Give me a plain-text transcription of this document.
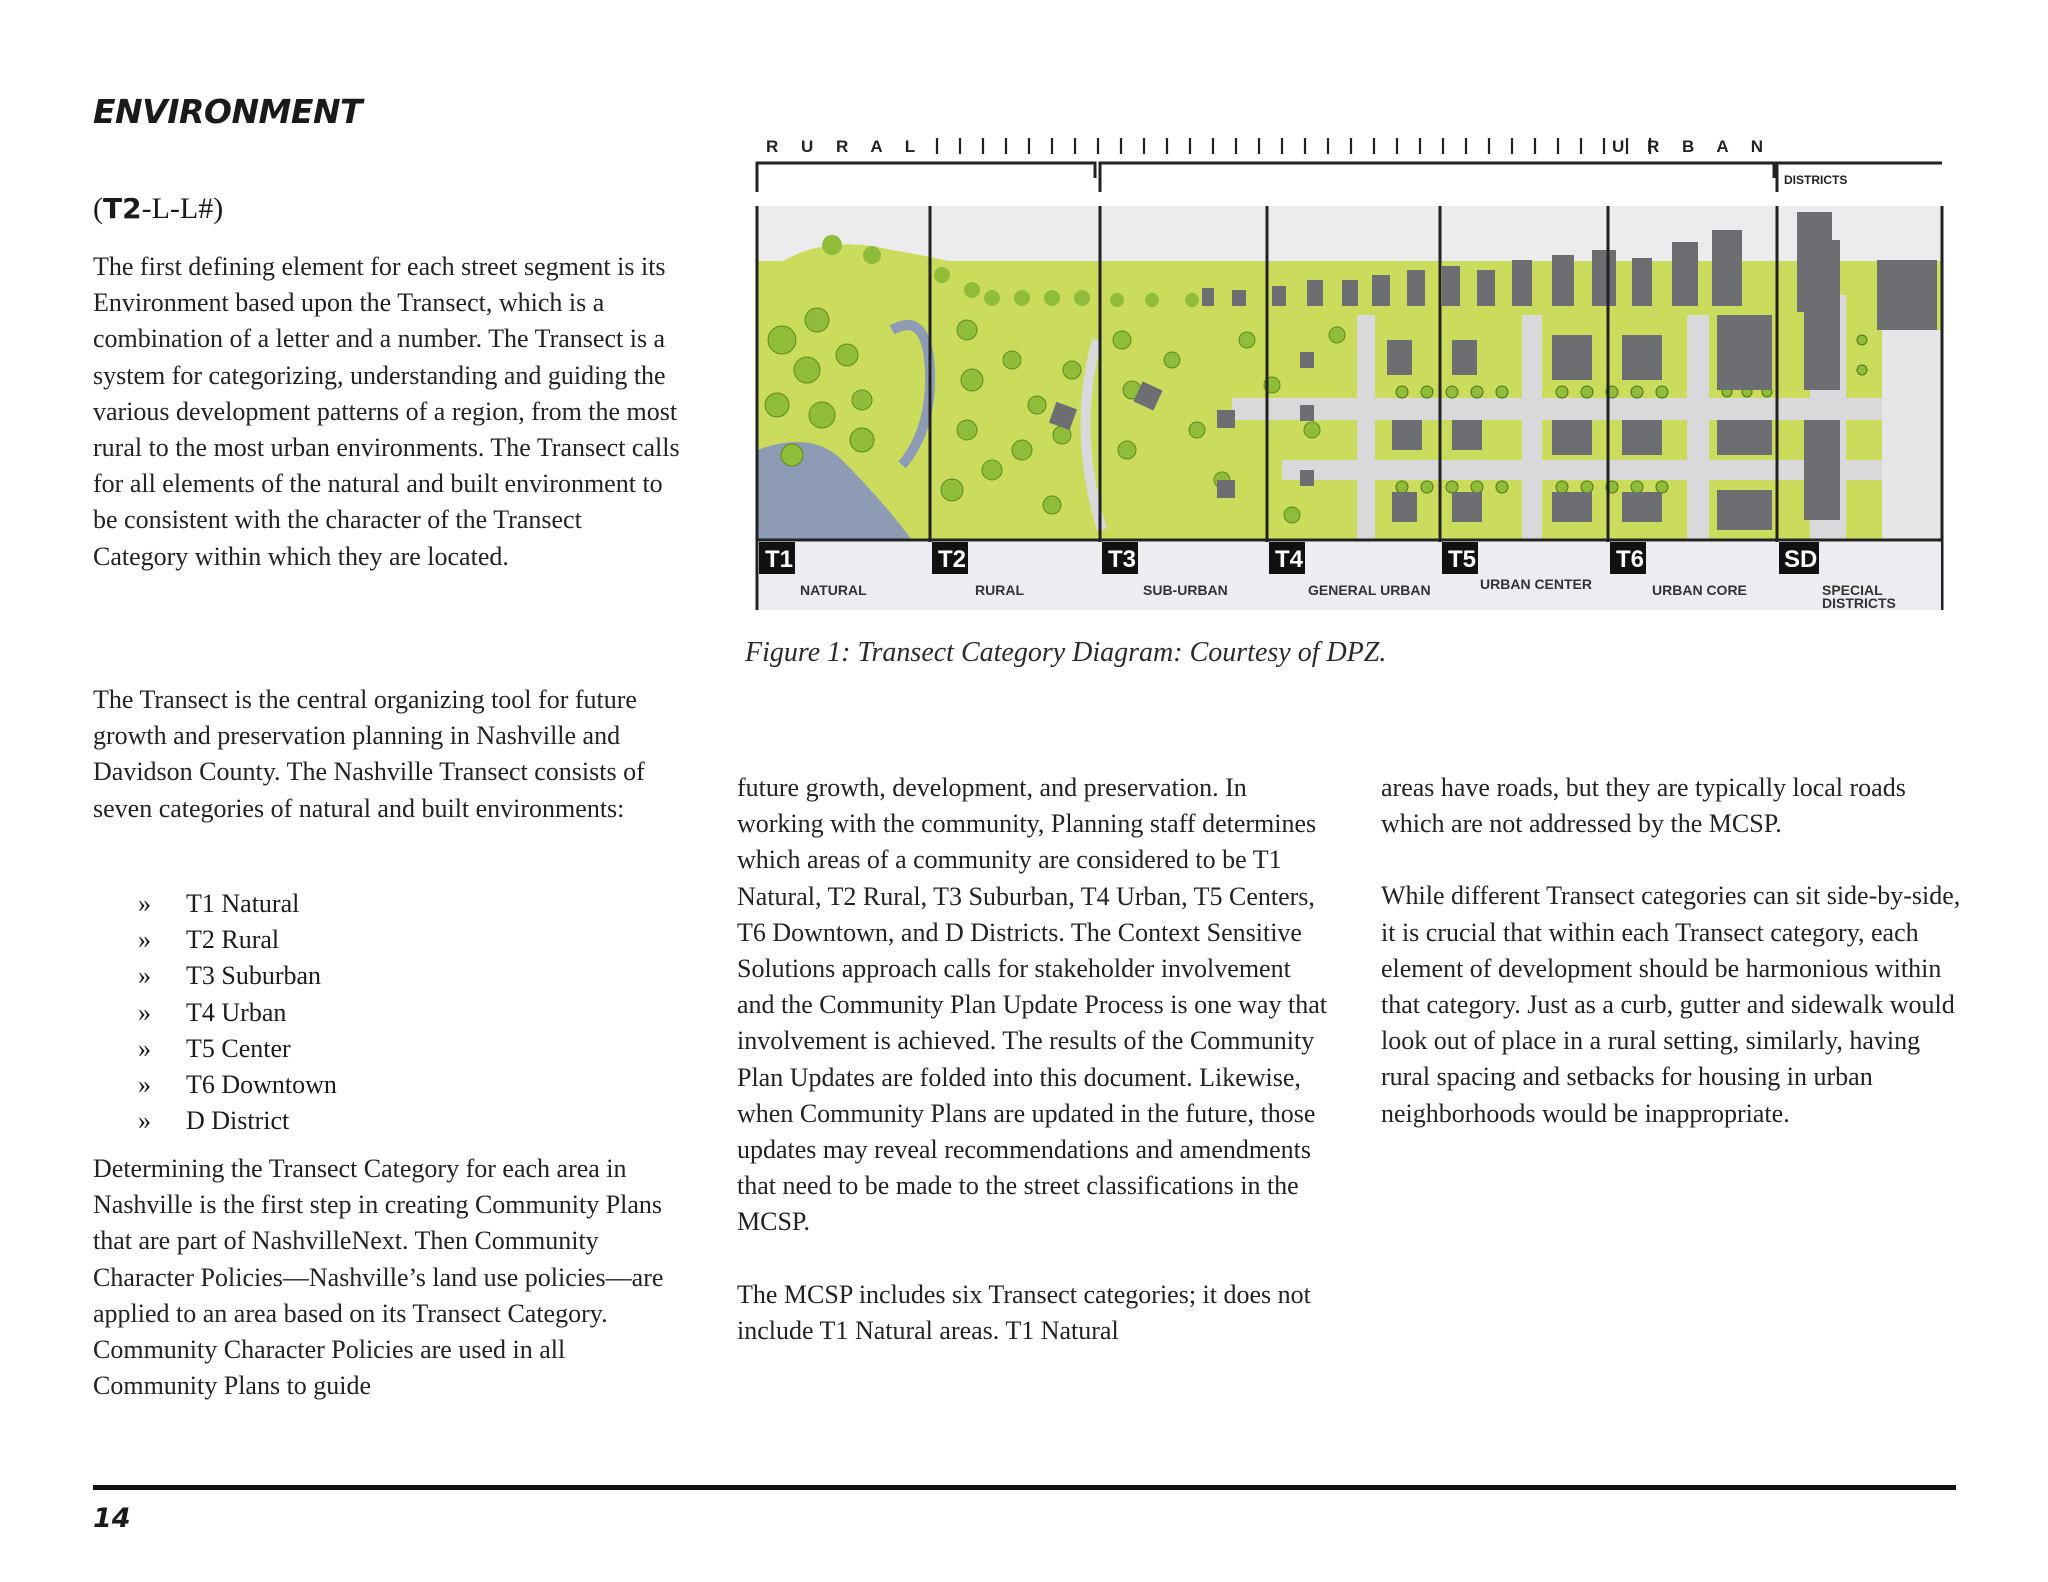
ENVIRONMENT
(T2-L-L#)
The first defining element for each street segment is its Environment based upon the Transect, which is a combination of a letter and a number. The Transect is a system for categorizing, understanding and guiding the various development patterns of a region, from the most rural to the most urban environments. The Transect calls for all elements of the natural and built environment to be consistent with the character of the Transect Category within which they are located.
The Transect is the central organizing tool for future growth and preservation planning in Nashville and Davidson County. The Nashville Transect consists of seven categories of natural and built environments:
» T1 Natural
» T2 Rural
» T3 Suburban
» T4 Urban
» T5 Center
» T6 Downtown
» D District
Determining the Transect Category for each area in Nashville is the first step in creating Community Plans that are part of NashvilleNext. Then Community Character Policies—Nashville’s land use policies—are applied to an area based on its Transect Category. Community Character Policies are used in all Community Plans to guide
future growth, development, and preservation. In working with the community, Planning staff determines which areas of a community are considered to be T1 Natural, T2 Rural, T3 Suburban, T4 Urban, T5 Centers, T6 Downtown, and D Districts. The Context Sensitive Solutions approach calls for stakeholder involvement and the Community Plan Update Process is one way that involvement is achieved. The results of the Community Plan Updates are folded into this document. Likewise, when Community Plans are updated in the future, those updates may reveal recommendations and amendments that need to be made to the street classifications in the MCSP.
The MCSP includes six Transect categories; it does not include T1 Natural areas. T1 Natural
areas have roads, but they are typically local roads which are not addressed by the MCSP.
While different Transect categories can sit side-by-side, it is crucial that within each Transect category, each element of development should be harmonious within that category. Just as a curb, gutter and sidewalk would look out of place in a rural setting, similarly, having rural spacing and setbacks for housing in urban neighborhoods would be inappropriate.
R U R A L	U R B A N
DISTRICTS
T1
NATURAL
T2
RURAL
T3
SUB-URBAN
T4
GENERAL URBAN
T5
URBAN CENTER
T6
URBAN CORE
SD
SPECIAL
DISTRICTS
Figure 1: Transect Category Diagram: Courtesy of DPZ.
14
